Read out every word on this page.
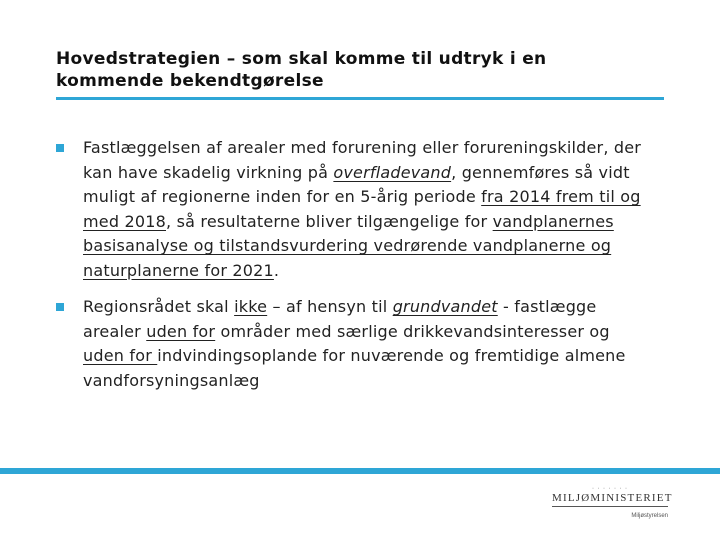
Hovedstrategien – som skal komme til udtryk i en kommende bekendtgørelse
Fastlæggelsen af arealer med forurening eller forureningskilder, der kan have skadelig virkning på overfladevand, gennemføres så vidt muligt af regionerne inden for en 5-årig periode fra 2014 frem til og med 2018, så resultaterne bliver tilgængelige for vandplanernes basisanalyse og tilstandsvurdering vedrørende vandplanerne og naturplanerne for 2021.
Regionsrådet skal ikke – af hensyn til grundvandet - fastlægge arealer uden for områder med særlige drikkevandsinteresser og uden for indvindingsoplande for nuværende og fremtidige almene vandforsyningsanlæg
· · · · · · ·
MILJØMINISTERIET
Miljøstyrelsen
